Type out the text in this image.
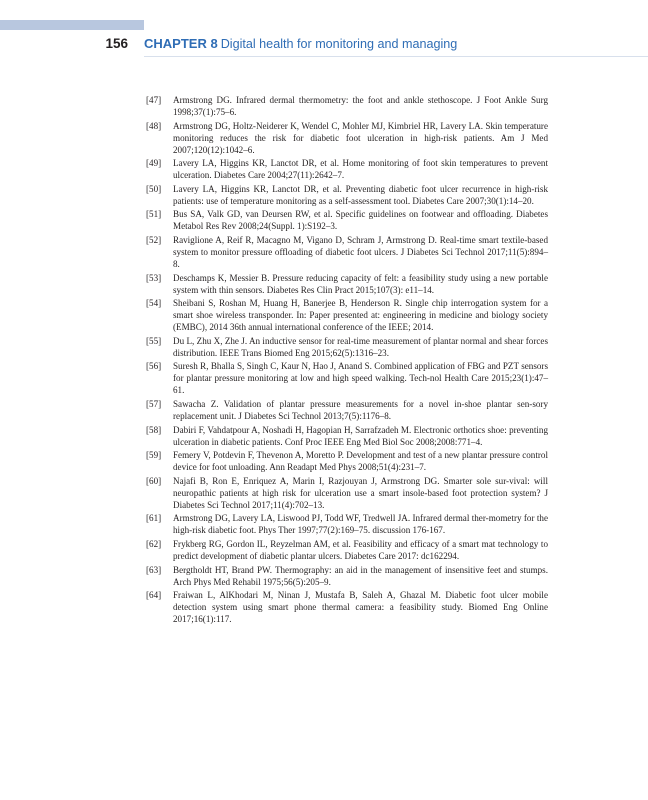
156 CHAPTER 8 Digital health for monitoring and managing
[47] Armstrong DG. Infrared dermal thermometry: the foot and ankle stethoscope. J Foot Ankle Surg 1998;37(1):75–6.
[48] Armstrong DG, Holtz-Neiderer K, Wendel C, Mohler MJ, Kimbriel HR, Lavery LA. Skin temperature monitoring reduces the risk for diabetic foot ulceration in high-risk patients. Am J Med 2007;120(12):1042–6.
[49] Lavery LA, Higgins KR, Lanctot DR, et al. Home monitoring of foot skin temperatures to prevent ulceration. Diabetes Care 2004;27(11):2642–7.
[50] Lavery LA, Higgins KR, Lanctot DR, et al. Preventing diabetic foot ulcer recurrence in high-risk patients: use of temperature monitoring as a self-assessment tool. Diabetes Care 2007;30(1):14–20.
[51] Bus SA, Valk GD, van Deursen RW, et al. Specific guidelines on footwear and offloading. Diabetes Metabol Res Rev 2008;24(Suppl. 1):S192–3.
[52] Raviglione A, Reif R, Macagno M, Vigano D, Schram J, Armstrong D. Real-time smart textile-based system to monitor pressure offloading of diabetic foot ulcers. J Diabetes Sci Technol 2017;11(5):894–8.
[53] Deschamps K, Messier B. Pressure reducing capacity of felt: a feasibility study using a new portable system with thin sensors. Diabetes Res Clin Pract 2015;107(3): e11–14.
[54] Sheibani S, Roshan M, Huang H, Banerjee B, Henderson R. Single chip interrogation system for a smart shoe wireless transponder. In: Paper presented at: engineering in medicine and biology society (EMBC), 2014 36th annual international conference of the IEEE; 2014.
[55] Du L, Zhu X, Zhe J. An inductive sensor for real-time measurement of plantar normal and shear forces distribution. IEEE Trans Biomed Eng 2015;62(5):1316–23.
[56] Suresh R, Bhalla S, Singh C, Kaur N, Hao J, Anand S. Combined application of FBG and PZT sensors for plantar pressure monitoring at low and high speed walking. Tech-nol Health Care 2015;23(1):47–61.
[57] Sawacha Z. Validation of plantar pressure measurements for a novel in-shoe plantar sen-sory replacement unit. J Diabetes Sci Technol 2013;7(5):1176–8.
[58] Dabiri F, Vahdatpour A, Noshadi H, Hagopian H, Sarrafzadeh M. Electronic orthotics shoe: preventing ulceration in diabetic patients. Conf Proc IEEE Eng Med Biol Soc 2008;2008:771–4.
[59] Femery V, Potdevin F, Thevenon A, Moretto P. Development and test of a new plantar pressure control device for foot unloading. Ann Readapt Med Phys 2008;51(4):231–7.
[60] Najafi B, Ron E, Enriquez A, Marin I, Razjouyan J, Armstrong DG. Smarter sole sur-vival: will neuropathic patients at high risk for ulceration use a smart insole-based foot protection system? J Diabetes Sci Technol 2017;11(4):702–13.
[61] Armstrong DG, Lavery LA, Liswood PJ, Todd WF, Tredwell JA. Infrared dermal ther-mometry for the high-risk diabetic foot. Phys Ther 1997;77(2):169–75. discussion 176-167.
[62] Frykberg RG, Gordon IL, Reyzelman AM, et al. Feasibility and efficacy of a smart mat technology to predict development of diabetic plantar ulcers. Diabetes Care 2017: dc162294.
[63] Bergtholdt HT, Brand PW. Thermography: an aid in the management of insensitive feet and stumps. Arch Phys Med Rehabil 1975;56(5):205–9.
[64] Fraiwan L, AlKhodari M, Ninan J, Mustafa B, Saleh A, Ghazal M. Diabetic foot ulcer mobile detection system using smart phone thermal camera: a feasibility study. Biomed Eng Online 2017;16(1):117.
